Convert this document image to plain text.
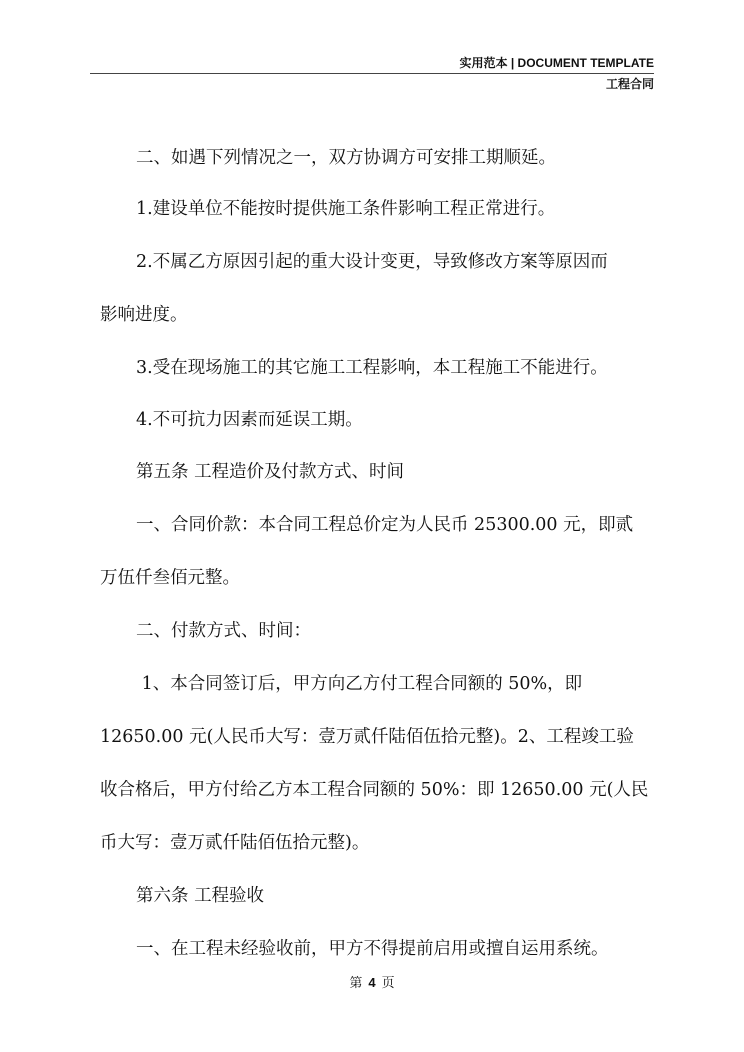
实用范本 | DOCUMENT TEMPLATE
工程合同

二、如遇下列情况之一，双方协调方可安排工期顺延。

1.建设单位不能按时提供施工条件影响工程正常进行。

2.不属乙方原因引起的重大设计变更，导致修改方案等原因而

影响进度。

3.受在现场施工的其它施工工程影响，本工程施工不能进行。

4.不可抗力因素而延误工期。

第五条 工程造价及付款方式、时间

一、合同价款：本合同工程总价定为人民币 25300.00 元，即贰

万伍仟叁佰元整。

二、付款方式、时间：

1、本合同签订后，甲方向乙方付工程合同额的 50%，即

12650.00 元(人民币大写：壹万贰仟陆佰伍拾元整)。2、工程竣工验

收合格后，甲方付给乙方本工程合同额的 50%：即 12650.00 元(人民

币大写：壹万贰仟陆佰伍拾元整)。

第六条 工程验收

一、在工程未经验收前，甲方不得提前启用或擅自运用系统。

第 4 页
